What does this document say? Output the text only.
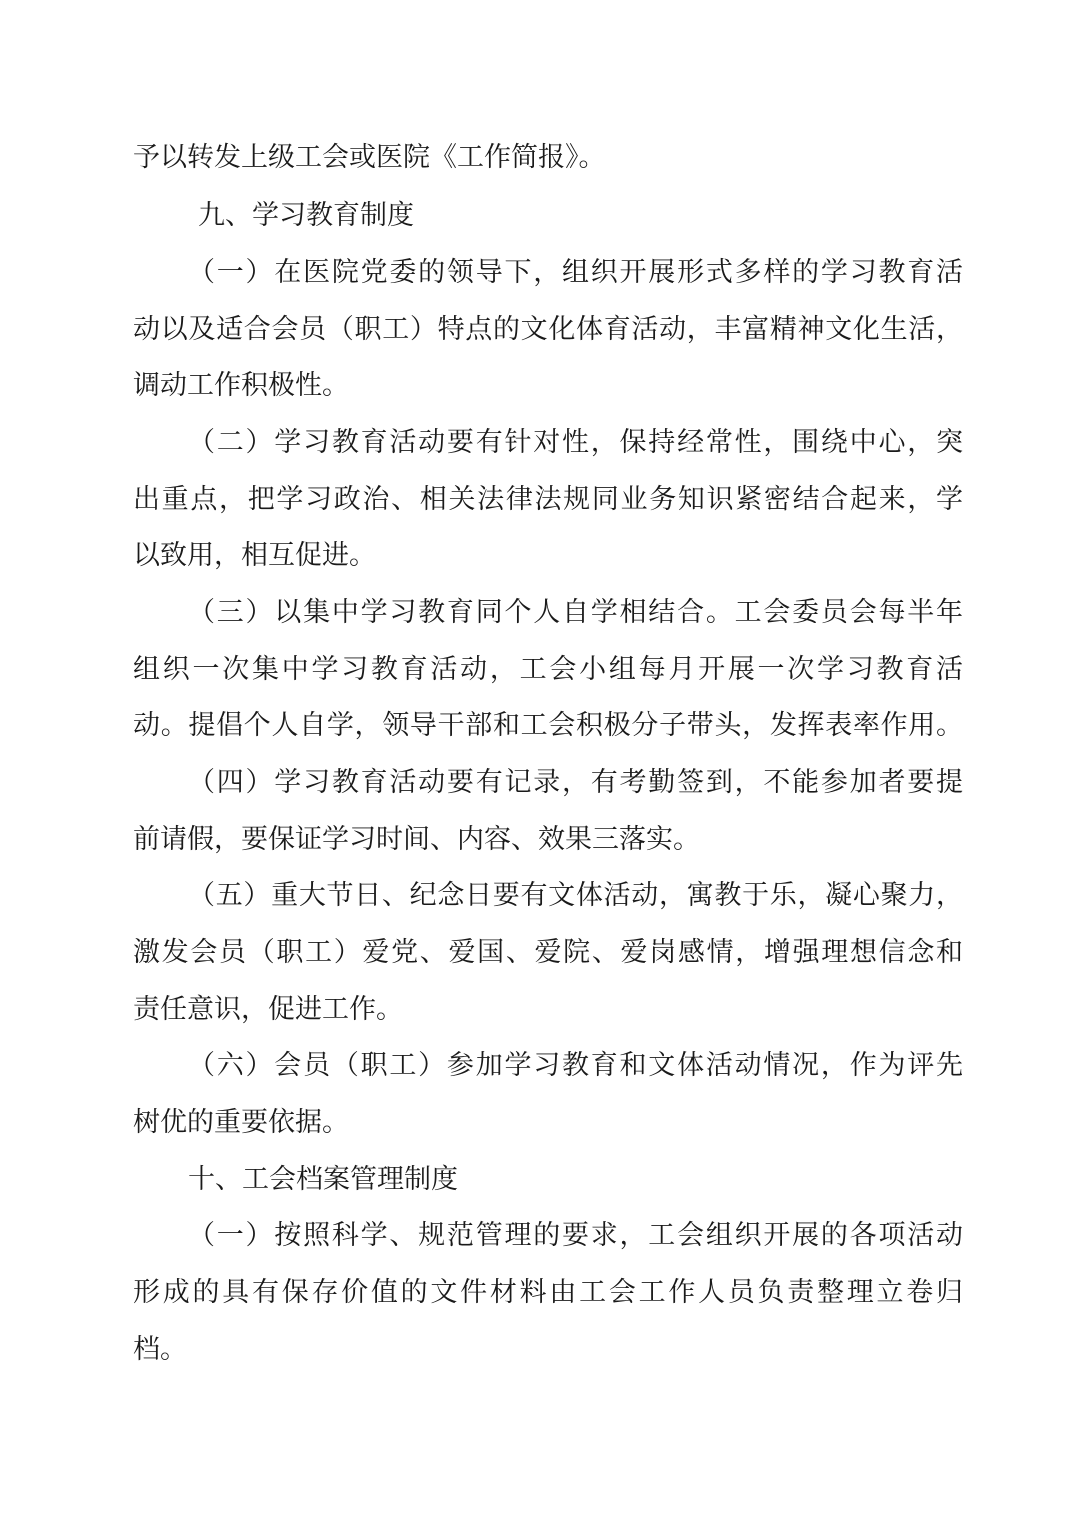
予以转发上级工会或医院《工作简报》。
九、学习教育制度
（一）在医院党委的领导下，组织开展形式多样的学习教育活
动以及适合会员（职工）特点的文化体育活动，丰富精神文化生活，
调动工作积极性。
（二）学习教育活动要有针对性，保持经常性，围绕中心，突
出重点，把学习政治、相关法律法规同业务知识紧密结合起来，学
以致用，相互促进。
（三）以集中学习教育同个人自学相结合。工会委员会每半年
组织一次集中学习教育活动，工会小组每月开展一次学习教育活
动。提倡个人自学，领导干部和工会积极分子带头，发挥表率作用。
（四）学习教育活动要有记录，有考勤签到，不能参加者要提
前请假，要保证学习时间、内容、效果三落实。
（五）重大节日、纪念日要有文体活动，寓教于乐，凝心聚力，
激发会员（职工）爱党、爱国、爱院、爱岗感情，增强理想信念和
责任意识，促进工作。
（六）会员（职工）参加学习教育和文体活动情况，作为评先
树优的重要依据。
十、工会档案管理制度
（一）按照科学、规范管理的要求，工会组织开展的各项活动
形成的具有保存价值的文件材料由工会工作人员负责整理立卷归
档。
